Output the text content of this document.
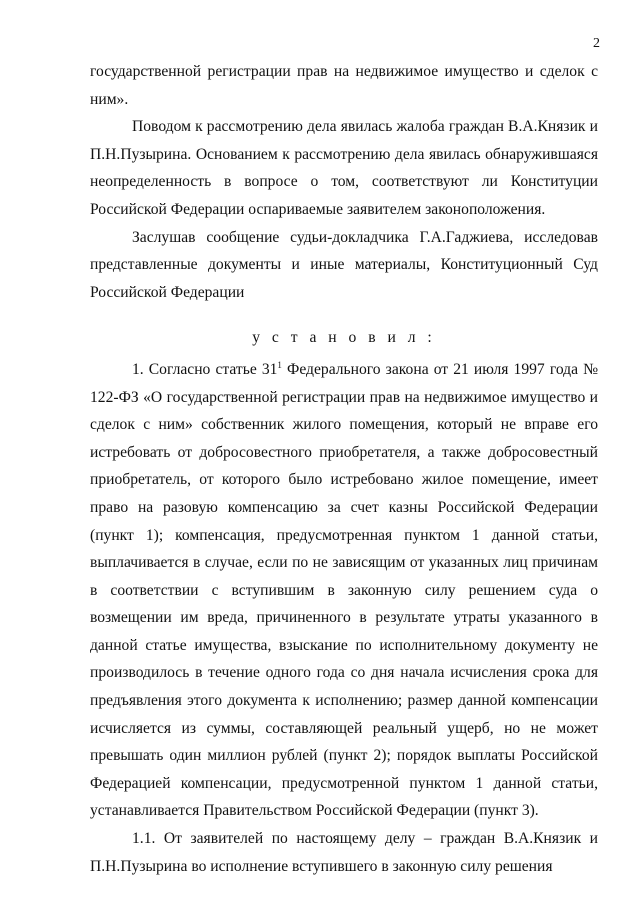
2

государственной регистрации прав на недвижимое имущество и сделок с ним».

Поводом к рассмотрению дела явилась жалоба граждан В.А.Князик и П.Н.Пузырина. Основанием к рассмотрению дела явилась обнаружившаяся неопределенность в вопросе о том, соответствуют ли Конституции Российской Федерации оспариваемые заявителем законоположения.

Заслушав сообщение судьи-докладчика Г.А.Гаджиева, исследовав представленные документы и иные материалы, Конституционный Суд Российской Федерации

у с т а н о в и л :

1. Согласно статье $31^1$ Федерального закона от 21 июля 1997 года № 122-ФЗ «О государственной регистрации прав на недвижимое имущество и сделок с ним» собственник жилого помещения, который не вправе его истребовать от добросовестного приобретателя, а также добросовестный приобретатель, от которого было истребовано жилое помещение, имеет право на разовую компенсацию за счет казны Российской Федерации (пункт 1); компенсация, предусмотренная пунктом 1 данной статьи, выплачивается в случае, если по не зависящим от указанных лиц причинам в соответствии с вступившим в законную силу решением суда о возмещении им вреда, причиненного в результате утраты указанного в данной статье имущества, взыскание по исполнительному документу не производилось в течение одного года со дня начала исчисления срока для предъявления этого документа к исполнению; размер данной компенсации исчисляется из суммы, составляющей реальный ущерб, но не может превышать один миллион рублей (пункт 2); порядок выплаты Российской Федерацией компенсации, предусмотренной пунктом 1 данной статьи, устанавливается Правительством Российской Федерации (пункт 3).

1.1. От заявителей по настоящему делу – граждан В.А.Князик и П.Н.Пузырина во исполнение вступившего в законную силу решения
